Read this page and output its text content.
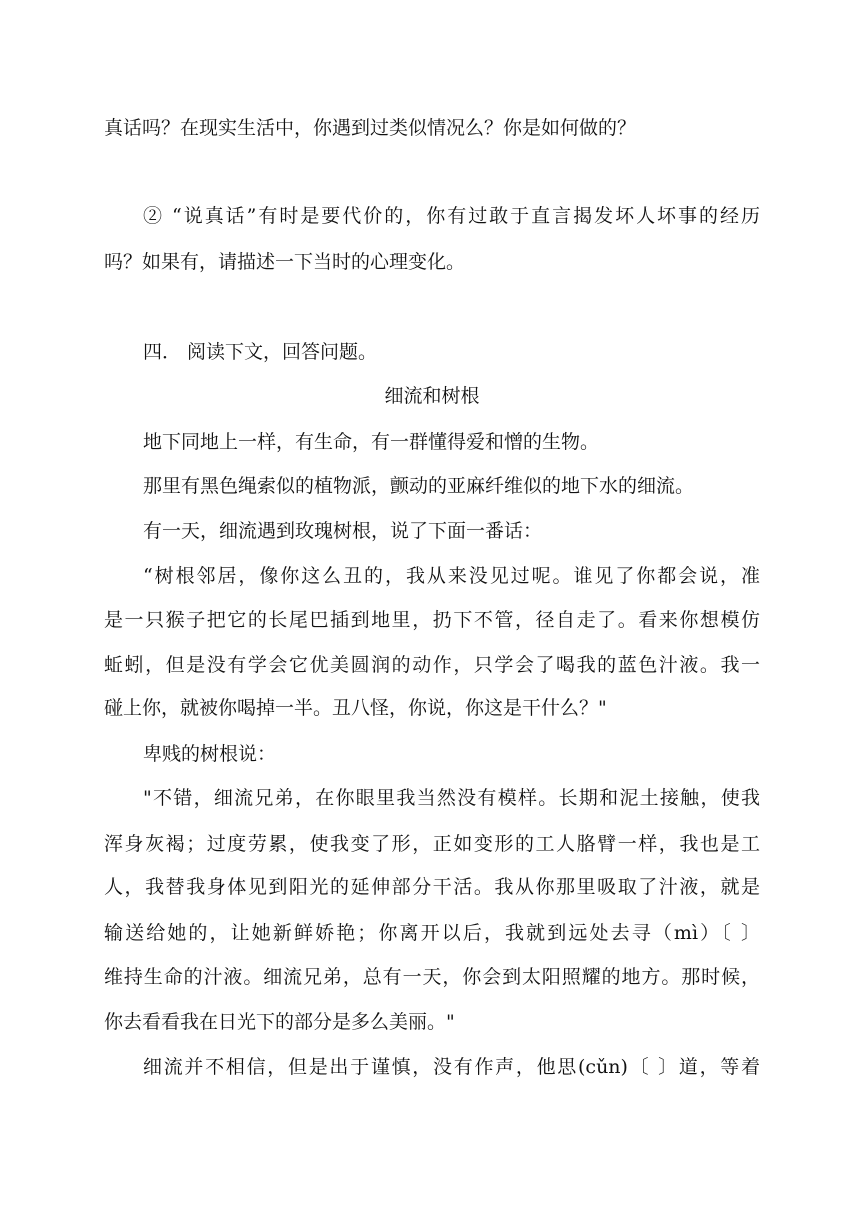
真话吗？在现实生活中，你遇到过类似情况么？你是如何做的？
② “说真话”有时是要代价的，你有过敢于直言揭发坏人坏事的经历
吗？如果有，请描述一下当时的心理变化。
四． 阅读下文，回答问题。
细流和树根
地下同地上一样，有生命，有一群懂得爱和憎的生物。
那里有黑色绳索似的植物派，颤动的亚麻纤维似的地下水的细流。
有一天，细流遇到玫瑰树根，说了下面一番话：
“树根邻居，像你这么丑的，我从来没见过呢。谁见了你都会说，准
是一只猴子把它的长尾巴插到地里，扔下不管，径自走了。看来你想模仿
蚯蚓，但是没有学会它优美圆润的动作，只学会了喝我的蓝色汁液。我一
碰上你，就被你喝掉一半。丑八怪，你说，你这是干什么？"
卑贱的树根说：
"不错，细流兄弟，在你眼里我当然没有模样。长期和泥土接触，使我
浑身灰褐；过度劳累，使我变了形，正如变形的工人胳臂一样，我也是工
人，我替我身体见到阳光的延伸部分干活。我从你那里吸取了汁液，就是
输送给她的，让她新鲜娇艳；你离开以后，我就到远处去寻（mì）〔 〕
维持生命的汁液。细流兄弟，总有一天，你会到太阳照耀的地方。那时候，
你去看看我在日光下的部分是多么美丽。"
细流并不相信，但是出于谨慎，没有作声，他思(cǔn)〔 〕道，等着
